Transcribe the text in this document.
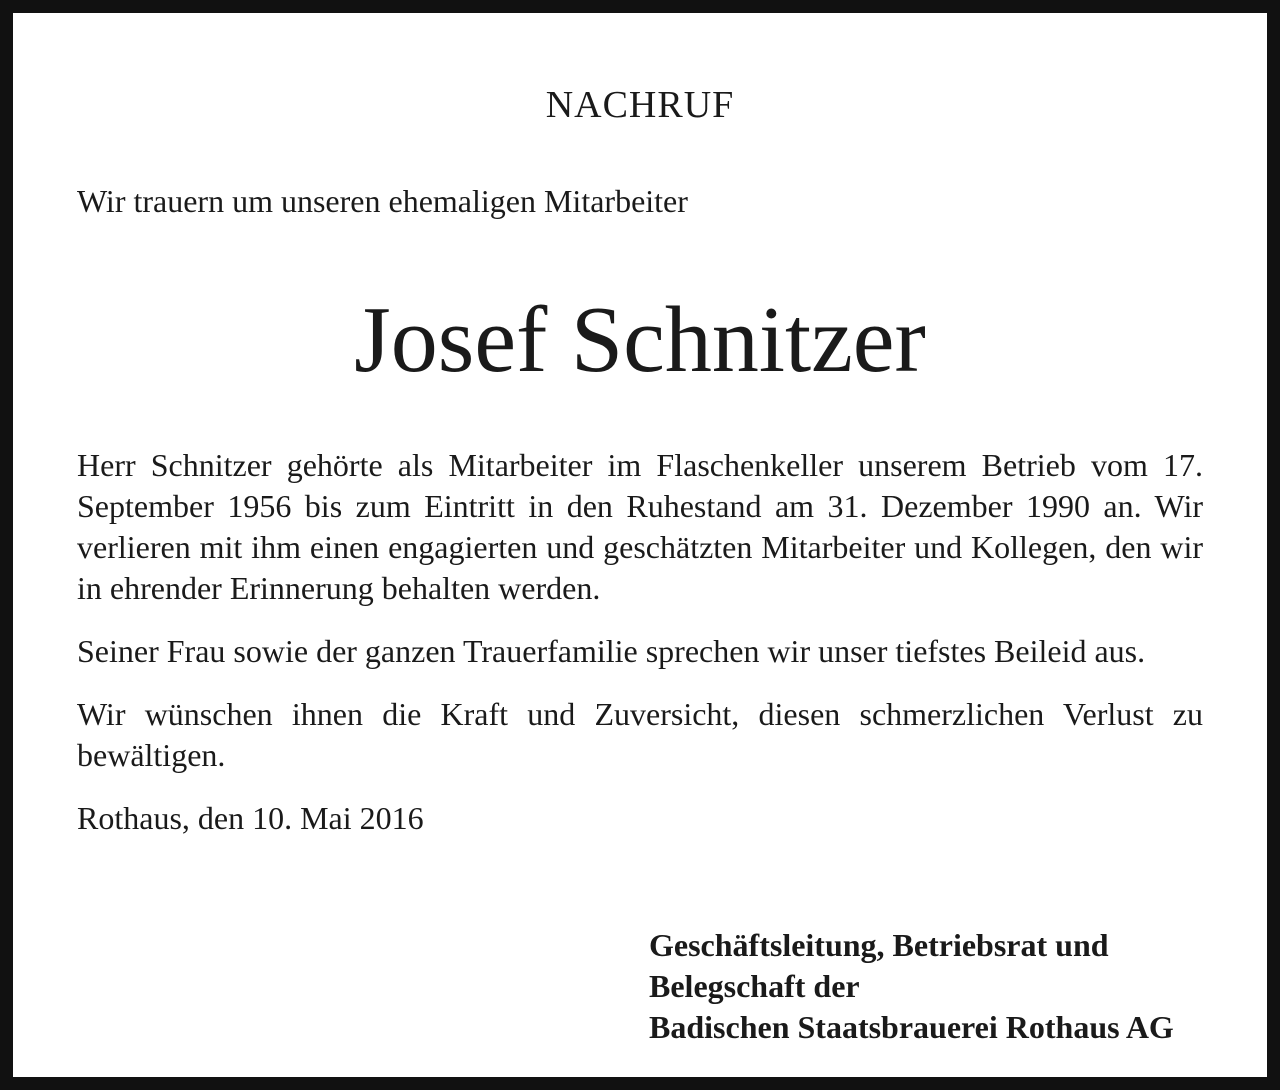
NACHRUF
Wir trauern um unseren ehemaligen Mitarbeiter
Josef Schnitzer

Herr Schnitzer gehörte als Mitarbeiter im Flaschenkeller unserem Betrieb vom 17. September 1956 bis zum Eintritt in den Ruhestand am 31. Dezember 1990 an. Wir verlieren mit ihm einen engagierten und geschätzten Mitarbeiter und Kollegen, den wir in ehrender Erinnerung behalten werden.

Seiner Frau sowie der ganzen Trauerfamilie sprechen wir unser tiefstes Beileid aus.

Wir wünschen ihnen die Kraft und Zuversicht, diesen schmerzlichen Verlust zu bewältigen.

Rothaus, den 10. Mai 2016

Geschäftsleitung, Betriebsrat und
Belegschaft der
Badischen Staatsbrauerei Rothaus AG
